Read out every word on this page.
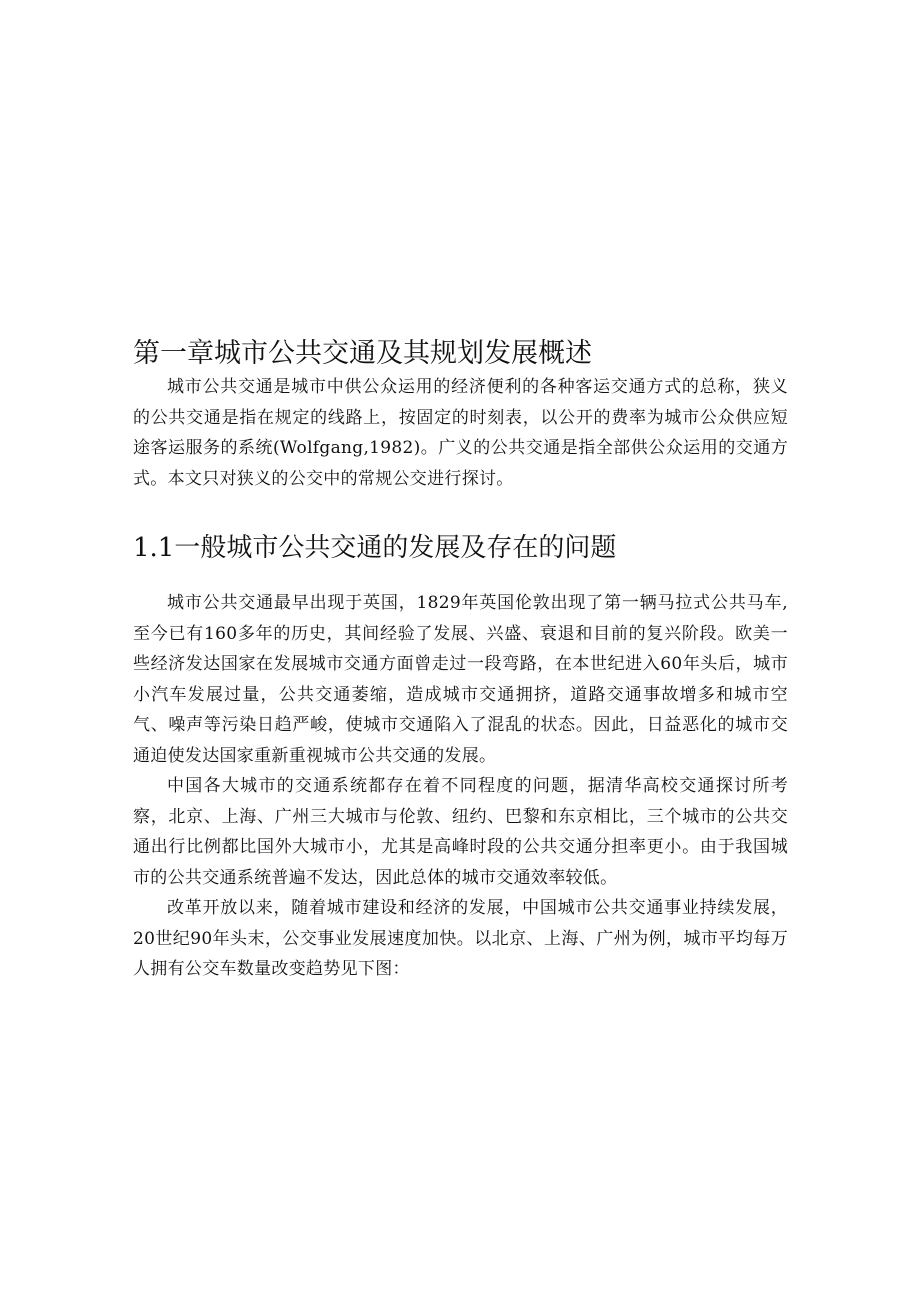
第一章城市公共交通及其规划发展概述

城市公共交通是城市中供公众运用的经济便利的各种客运交通方式的总称，狭义的公共交通是指在规定的线路上，按固定的时刻表，以公开的费率为城市公众供应短途客运服务的系统(Wolfgang,1982)。广义的公共交通是指全部供公众运用的交通方式。本文只对狭义的公交中的常规公交进行探讨。

1.1一般城市公共交通的发展及存在的问题

城市公共交通最早出现于英国，1829年英国伦敦出现了第一辆马拉式公共马车,至今已有160多年的历史，其间经验了发展、兴盛、衰退和目前的复兴阶段。欧美一些经济发达国家在发展城市交通方面曾走过一段弯路，在本世纪进入60年头后，城市小汽车发展过量，公共交通萎缩，造成城市交通拥挤，道路交通事故增多和城市空气、噪声等污染日趋严峻，使城市交通陷入了混乱的状态。因此，日益恶化的城市交通迫使发达国家重新重视城市公共交通的发展。

中国各大城市的交通系统都存在着不同程度的问题，据清华高校交通探讨所考察，北京、上海、广州三大城市与伦敦、纽约、巴黎和东京相比，三个城市的公共交通出行比例都比国外大城市小，尤其是高峰时段的公共交通分担率更小。由于我国城市的公共交通系统普遍不发达，因此总体的城市交通效率较低。

改革开放以来，随着城市建设和经济的发展，中国城市公共交通事业持续发展，20世纪90年头末，公交事业发展速度加快。以北京、上海、广州为例，城市平均每万人拥有公交车数量改变趋势见下图：
